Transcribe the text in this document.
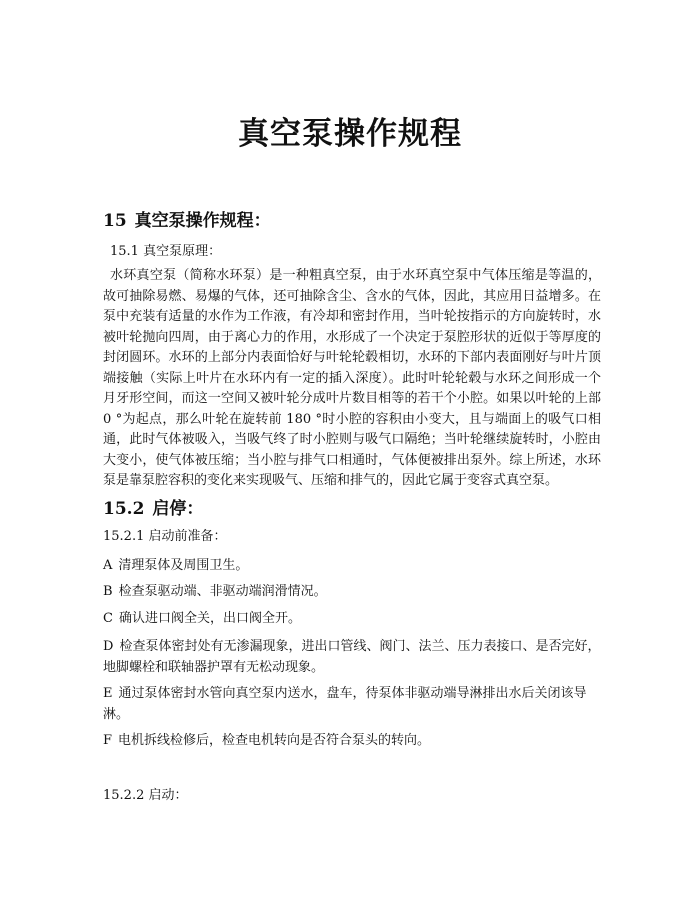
真空泵操作规程
15 真空泵操作规程：

15.1 真空泵原理：

水环真空泵（简称水环泵）是一种粗真空泵，由于水环真空泵中气体压缩是等温的，故可抽除易燃、易爆的气体，还可抽除含尘、含水的气体，因此，其应用日益增多。在泵中充装有适量的水作为工作液，有冷却和密封作用，当叶轮按指示的方向旋转时，水被叶轮抛向四周，由于离心力的作用，水形成了一个决定于泵腔形状的近似于等厚度的封闭圆环。水环的上部分内表面恰好与叶轮轮毂相切，水环的下部内表面刚好与叶片顶端接触（实际上叶片在水环内有一定的插入深度）。此时叶轮轮毂与水环之间形成一个月牙形空间，而这一空间又被叶轮分成叶片数目相等的若干个小腔。如果以叶轮的上部 0 °为起点，那么叶轮在旋转前 180 °时小腔的容积由小变大，且与端面上的吸气口相通，此时气体被吸入，当吸气终了时小腔则与吸气口隔绝；当叶轮继续旋转时，小腔由大变小，使气体被压缩；当小腔与排气口相通时，气体便被排出泵外。综上所述，水环泵是靠泵腔容积的变化来实现吸气、压缩和排气的，因此它属于变容式真空泵。

15.2 启停：

15.2.1 启动前准备：

A 清理泵体及周围卫生。

B 检查泵驱动端、非驱动端润滑情况。

C 确认进口阀全关，出口阀全开。

D 检查泵体密封处有无渗漏现象，进出口管线、阀门、法兰、压力表接口、是否完好，地脚螺栓和联轴器护罩有无松动现象。

E 通过泵体密封水管向真空泵内送水，盘车，待泵体非驱动端导淋排出水后关闭该导淋。

F 电机拆线检修后，检查电机转向是否符合泵头的转向。

15.2.2 启动：
